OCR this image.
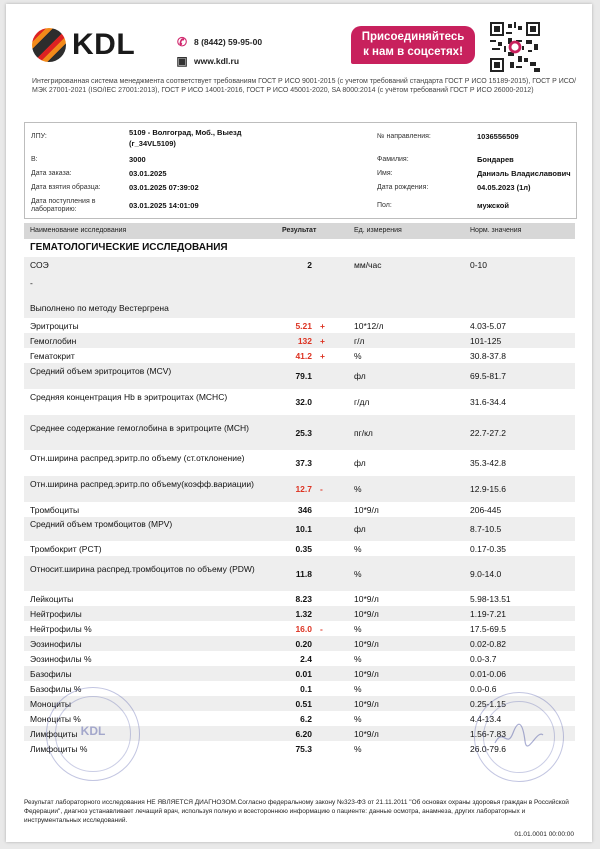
KDL	✆ 8 (8442) 59-95-00
▣ www.kdl.ru
Присоединяйтесь
к нам в соцсетях!
Интегрированная система менеджмента соответствует требованиям ГОСТ Р ИСО 9001-2015 (с учетом требований стандарта ГОСТ Р ИСО 15189-2015), ГОСТ Р ИСО/МЭК 27001-2021 (ISO/IEC 27001:2013), ГОСТ Р ИСО 14001-2016, ГОСТ Р ИСО 45001-2020, SA 8000:2014 (с учётом требований ГОСТ Р ИСО 26000-2012)
ЛПУ:	5109 - Волгоград, Моб., Выезд
(г_34VL5109)
В:	3000
Дата заказа:	03.01.2025
Дата взятия образца:	03.01.2025 07:39:02
Дата поступления в
лабораторию:	03.01.2025 14:01:09
№ направления:	1036556509
Фамилия:	Бондарев
Имя:	Даниэль Владиславович
Дата рождения:	04.05.2023 (1л)
Пол:	мужской
Наименование исследования	Результат	Ед. измерения	Норм. значения
ГЕМАТОЛОГИЧЕСКИЕ ИССЛЕДОВАНИЯ
СОЭ	2	мм/час	0-10
-
Выполнено по методу Вестергрена
Эритроциты	5.21 +	10*12/л	4.03-5.07
Гемоглобин	132 +	г/л	101-125
Гематокрит	41.2 +	%	30.8-37.8
Средний объем эритроцитов (MCV)	79.1	фл	69.5-81.7
Средняя концентрация Hb в эритроцитах (MCHC)	32.0	г/дл	31.6-34.4
Среднее содержание гемоглобина в эритроците (MCH)	25.3	пг/кл	22.7-27.2
Отн.ширина распред.эритр.по объему (ст.отклонение)	37.3	фл	35.3-42.8
Отн.ширина распред.эритр.по объему(коэфф.вариации)	12.7 -	%	12.9-15.6
Тромбоциты	346	10*9/л	206-445
Средний объем тромбоцитов (MPV)	10.1	фл	8.7-10.5
Тромбокрит (PCT)	0.35	%	0.17-0.35
Относит.ширина распред.тромбоцитов по объему (PDW)	11.8	%	9.0-14.0
Лейкоциты	8.23	10*9/л	5.98-13.51
Нейтрофилы	1.32	10*9/л	1.19-7.21
Нейтрофилы %	16.0 -	%	17.5-69.5
Эозинофилы	0.20	10*9/л	0.02-0.82
Эозинофилы %	2.4	%	0.0-3.7
Базофилы	0.01	10*9/л	0.01-0.06
Базофилы %	0.1	%	0.0-0.6
Моноциты	0.51	10*9/л	0.25-1.15
Моноциты %	6.2	%	4.4-13.4
Лимфоциты	6.20	10*9/л	1.56-7.83
Лимфоциты %	75.3	%	26.0-79.6
KDL
Результат лабораторного исследования НЕ ЯВЛЯЕТСЯ ДИАГНОЗОМ.Согласно федеральному закону №323-ФЗ от 21.11.2011 "Об основах охраны здоровья граждан в Российской Федерации", диагноз устанавливает лечащий врач, используя полную и всестороннюю информацию о пациенте: данные осмотра, анамнеза, других лабораторных и инструментальных исследований.
01.01.0001 00:00:00
